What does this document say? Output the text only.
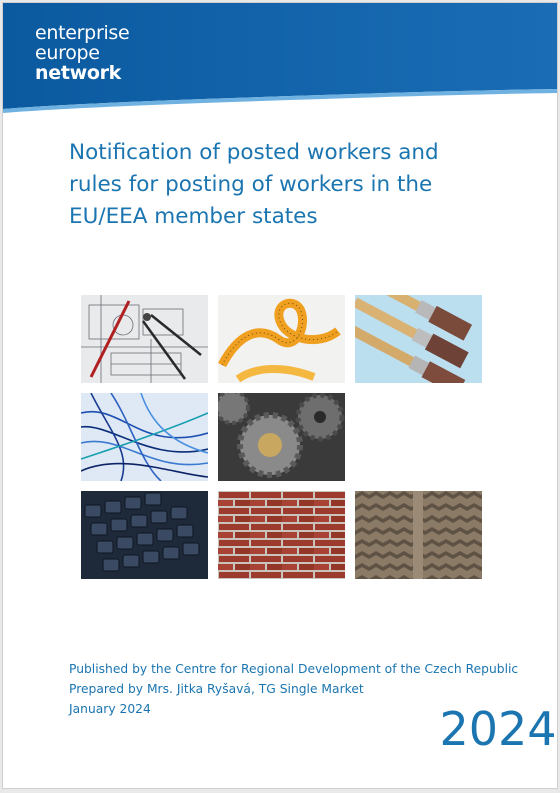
enterprise
europe
network
Notification of posted workers and rules for posting of workers in the EU/EEA member states
2024
Published by the Centre for Regional Development of the Czech Republic
Prepared by Mrs. Jitka Ryšavá, TG Single Market
January 2024
